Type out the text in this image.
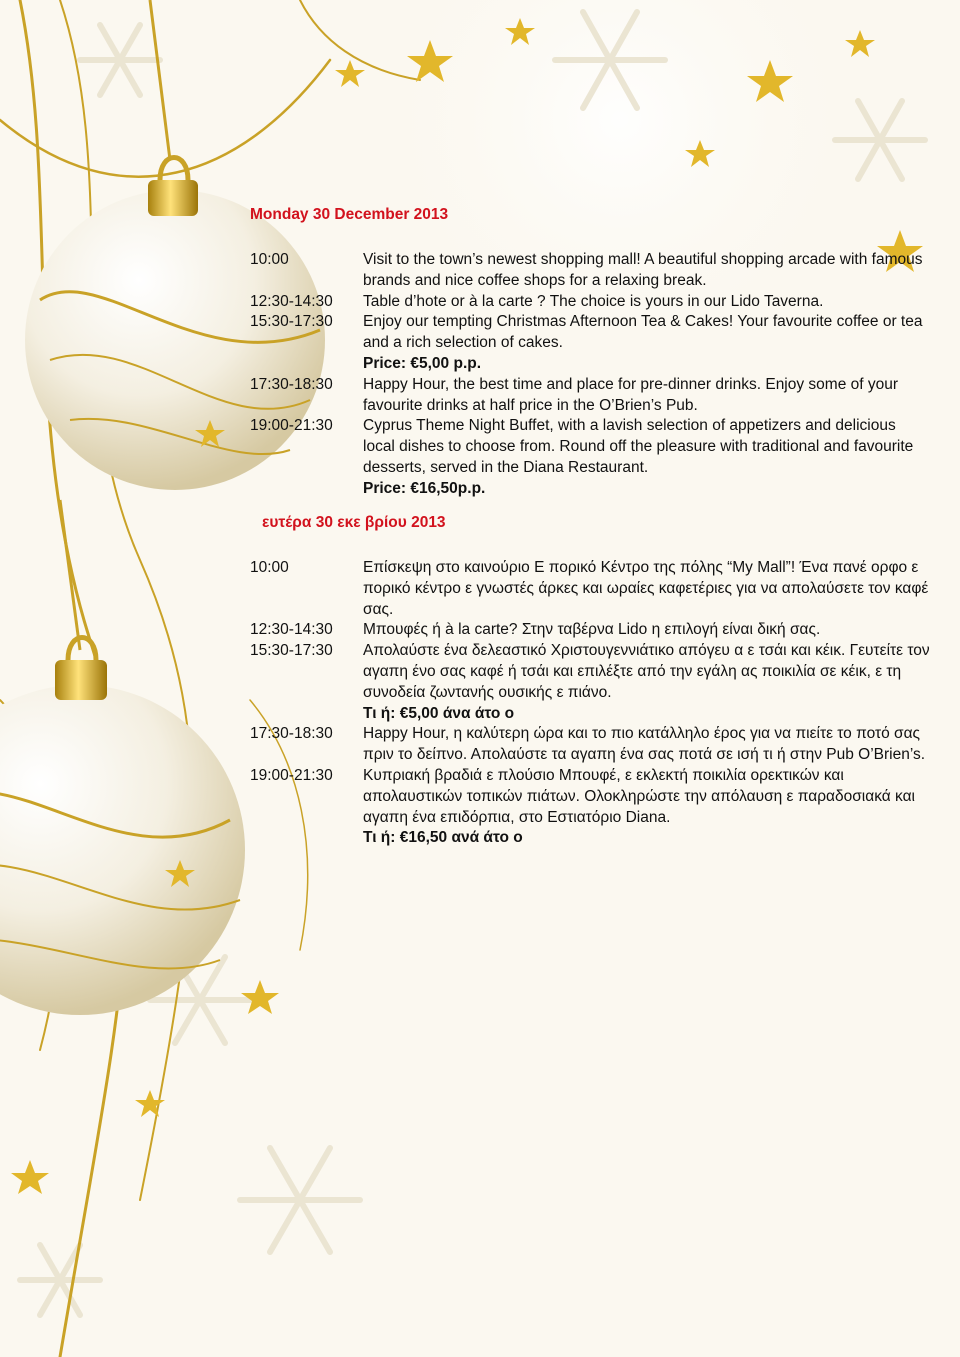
Monday 30 December 2013

10:00	Visit to the town’s newest shopping mall! A beautiful shopping arcade with famous brands and nice coffee shops for a relaxing break.
12:30-14:30 Table d’hote or à la carte ? The choice is yours in our Lido Taverna.
15:30-17:30 Enjoy our tempting Christmas Afternoon Tea & Cakes! Your favourite coffee or tea and a rich selection of cakes.
Price: €5,00 p.p.
17:30-18:30 Happy Hour, the best time and place for pre-dinner drinks. Enjoy some of your favourite drinks at half price in the O’Brien’s Pub.
19:00-21:30 Cyprus Theme Night Buffet, with a lavish selection of appetizers and delicious local dishes to choose from. Round off the pleasure with traditional and favourite desserts, served in the Diana Restaurant.
Price: €16,50p.p.

ευτέρα 30 εκε βρίου 2013

10:00	Επίσκεψη στο καινούριο Ε πορικό Κέντρο της πόλης “My Mall”! Ένα πανέ ορφο ε πορικό κέντρο ε γνωστές άρκες και ωραίες καφετέριες για να απολαύσετε τον καφέ σας.
12:30-14:30 Μπουφές ή à la carte? Στην ταβέρνα Lido η επιλογή είναι δική σας.
15:30-17:30 Απολαύστε ένα δελεαστικό Χριστουγεννιάτικο απόγευ α ε τσάι και κέικ. Γευτείτε τον αγαπη ένο σας καφέ ή τσάι και επιλέξτε από την εγάλη ας ποικιλία σε κέικ, ε τη συνοδεία ζωντανής ουσικής ε πιάνο.
Τι ή: €5,00 άνα άτο ο
17:30-18:30 Happy Hour, η καλύτερη ώρα και το πιο κατάλληλο έρος για να πιείτε το ποτό σας πριν το δείπνο. Απολαύστε τα αγαπη ένα σας ποτά σε ισή τι ή στην Pub O’Brien’s.
19:00-21:30 Κυπριακή βραδιά ε πλούσιο Μπουφέ, ε εκλεκτή ποικιλία ορεκτικών και απολαυστικών τοπικών πιάτων. Ολοκληρώστε την απόλαυση ε παραδοσιακά και αγαπη ένα επιδόρπια, στο Εστιατόριο Diana.
Τι ή: €16,50 ανά άτο ο
